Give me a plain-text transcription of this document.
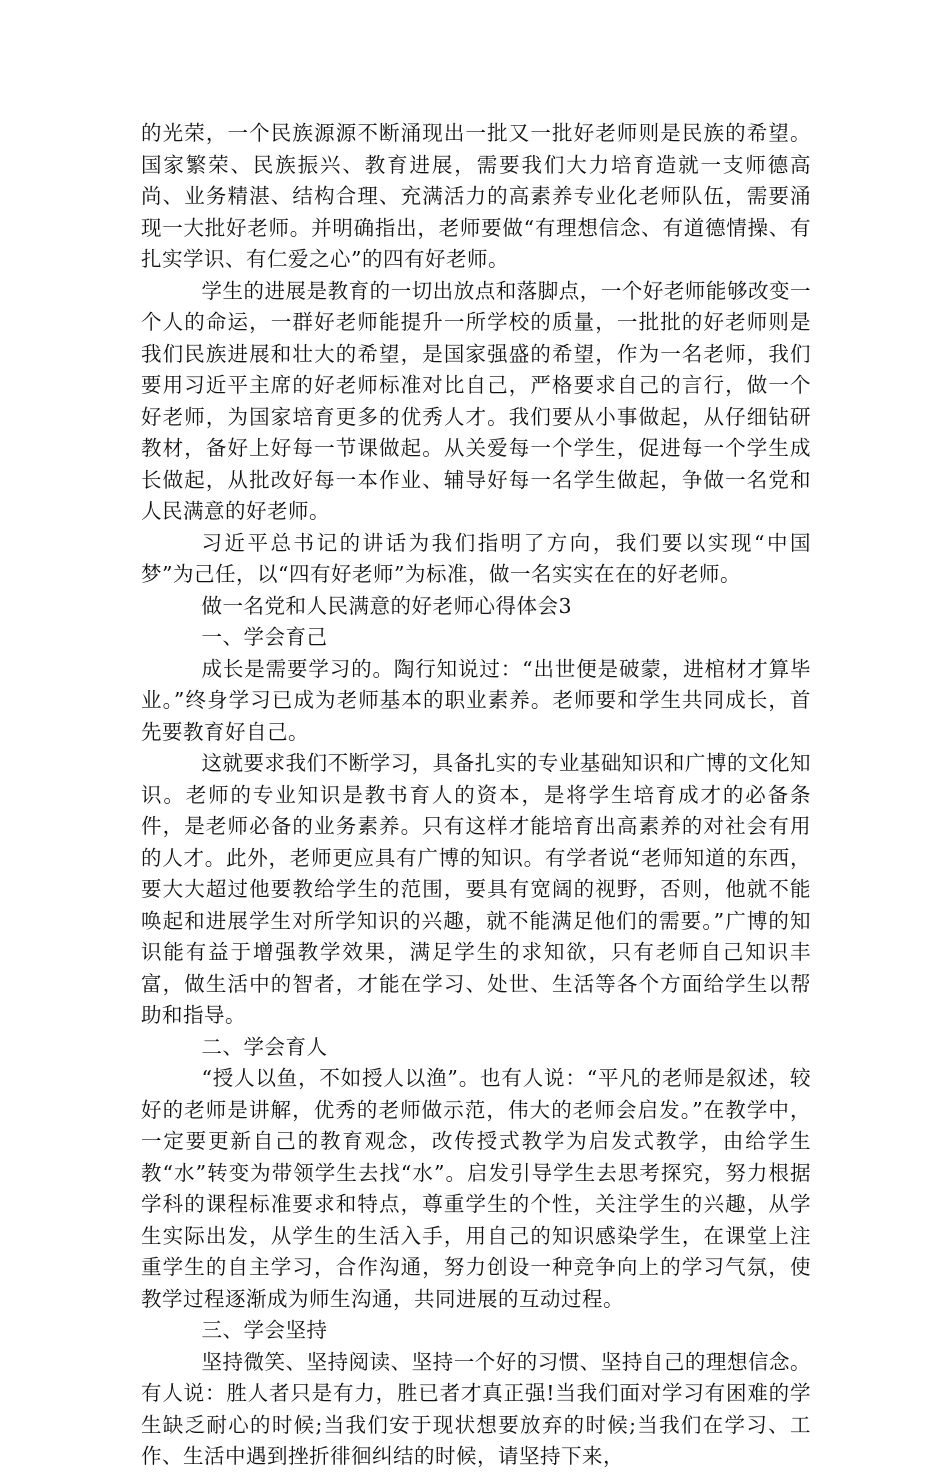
的光荣，一个民族源源不断涌现出一批又一批好老师则是民族的希望。国家繁荣、民族振兴、教育进展，需要我们大力培育造就一支师德高尚、业务精湛、结构合理、充满活力的高素养专业化老师队伍，需要涌现一大批好老师。并明确指出，老师要做“有理想信念、有道德情操、有扎实学识、有仁爱之心”的四有好老师。

学生的进展是教育的一切出放点和落脚点，一个好老师能够改变一个人的命运，一群好老师能提升一所学校的质量，一批批的好老师则是我们民族进展和壮大的希望，是国家强盛的希望，作为一名老师，我们要用习近平主席的好老师标准对比自己，严格要求自己的言行，做一个好老师，为国家培育更多的优秀人才。我们要从小事做起，从仔细钻研教材，备好上好每一节课做起。从关爱每一个学生，促进每一个学生成长做起，从批改好每一本作业、辅导好每一名学生做起，争做一名党和人民满意的好老师。

习近平总书记的讲话为我们指明了方向，我们要以实现“中国梦”为己任，以“四有好老师”为标准，做一名实实在在的好老师。

做一名党和人民满意的好老师心得体会3

一、学会育己

成长是需要学习的。陶行知说过：“出世便是破蒙，进棺材才算毕业。”终身学习已成为老师基本的职业素养。老师要和学生共同成长，首先要教育好自己。

这就要求我们不断学习，具备扎实的专业基础知识和广博的文化知识。老师的专业知识是教书育人的资本，是将学生培育成才的必备条件，是老师必备的业务素养。只有这样才能培育出高素养的对社会有用的人才。此外，老师更应具有广博的知识。有学者说“老师知道的东西，要大大超过他要教给学生的范围，要具有宽阔的视野，否则，他就不能唤起和进展学生对所学知识的兴趣，就不能满足他们的需要。”广博的知识能有益于增强教学效果，满足学生的求知欲，只有老师自己知识丰富，做生活中的智者，才能在学习、处世、生活等各个方面给学生以帮助和指导。

二、学会育人

“授人以鱼，不如授人以渔”。也有人说：“平凡的老师是叙述，较好的老师是讲解，优秀的老师做示范，伟大的老师会启发。”在教学中，一定要更新自己的教育观念，改传授式教学为启发式教学，由给学生教“水”转变为带领学生去找“水”。启发引导学生去思考探究，努力根据学科的课程标准要求和特点，尊重学生的个性，关注学生的兴趣，从学生实际出发，从学生的生活入手，用自己的知识感染学生，在课堂上注重学生的自主学习，合作沟通，努力创设一种竞争向上的学习气氛，使教学过程逐渐成为师生沟通，共同进展的互动过程。

三、学会坚持

坚持微笑、坚持阅读、坚持一个好的习惯、坚持自己的理想信念。有人说：胜人者只是有力，胜已者才真正强!当我们面对学习有困难的学生缺乏耐心的时候;当我们安于现状想要放弃的时候;当我们在学习、工作、生活中遇到挫折徘徊纠结的时候，请坚持下来，
